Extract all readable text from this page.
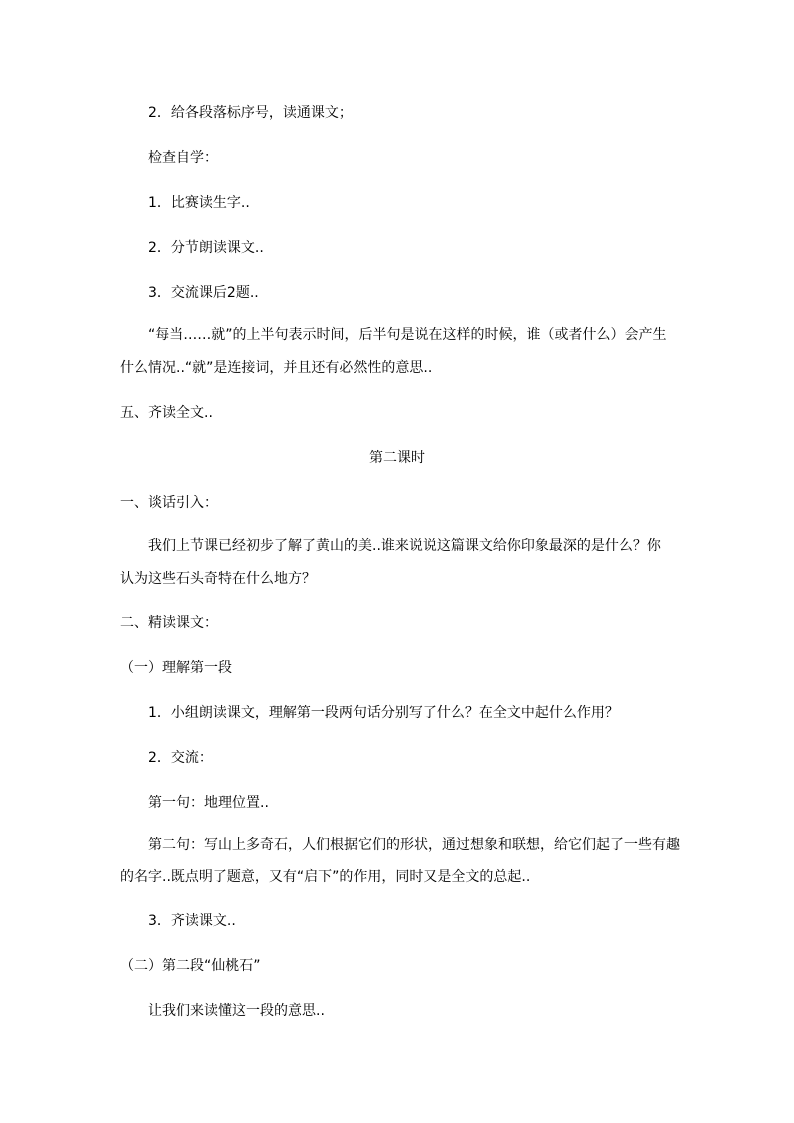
2．给各段落标序号，读通课文；
检查自学：
1．比赛读生字..
2．分节朗读课文..
3．交流课后2题..
“每当……就”的上半句表示时间，后半句是说在这样的时候，谁（或者什么）会产生
什么情况..“就”是连接词，并且还有必然性的意思..
五、齐读全文..
第二课时
一、谈话引入：
我们上节课已经初步了解了黄山的美..谁来说说这篇课文给你印象最深的是什么？你
认为这些石头奇特在什么地方？
二、精读课文：
（一）理解第一段
1．小组朗读课文，理解第一段两句话分别写了什么？在全文中起什么作用？
2．交流：
第一句：地理位置..
第二句：写山上多奇石，人们根据它们的形状，通过想象和联想，给它们起了一些有趣
的名字..既点明了题意，又有“启下”的作用，同时又是全文的总起..
3．齐读课文..
（二）第二段“仙桃石”
让我们来读懂这一段的意思..
